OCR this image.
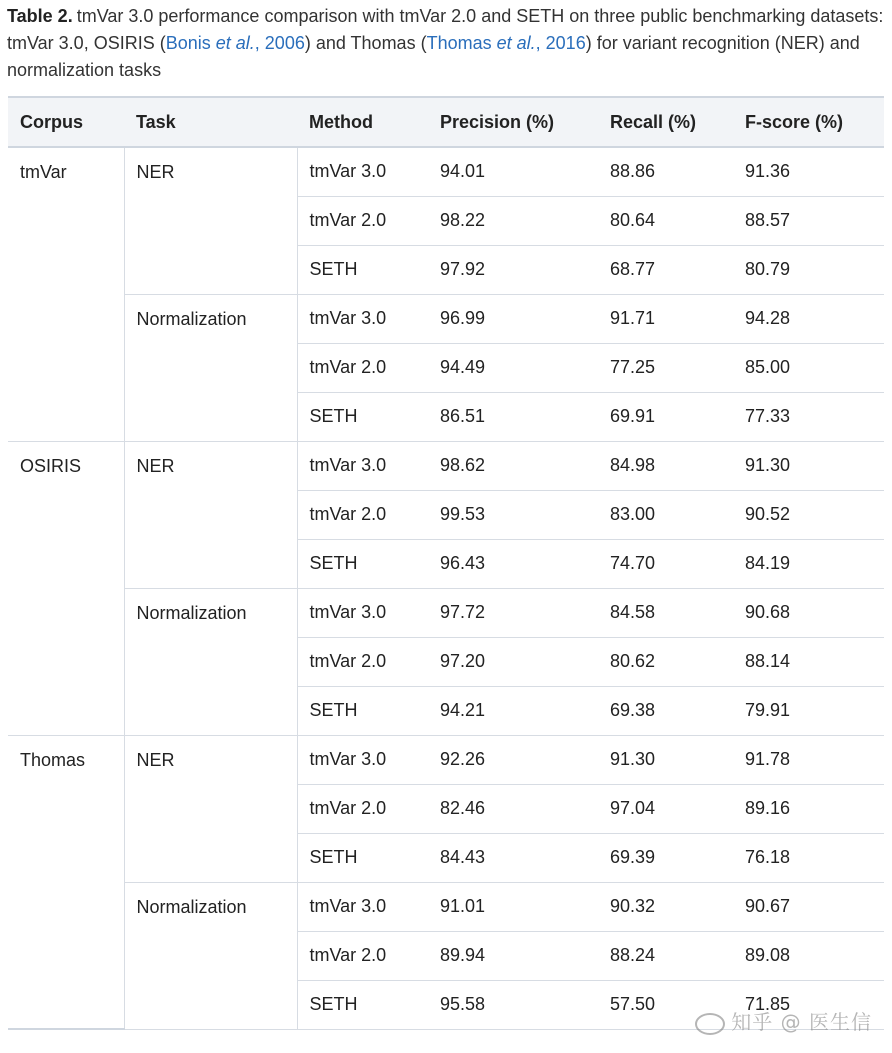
Table 2. tmVar 3.0 performance comparison with tmVar 2.0 and SETH on three public benchmarking datasets: tmVar 3.0, OSIRIS (Bonis et al., 2006) and Thomas (Thomas et al., 2016) for variant recognition (NER) and normalization tasks
Corpus	Task	Method	Precision (%)	Recall (%)	F-score (%)
tmVar	NER	tmVar 3.0	94.01	88.86	91.36
		tmVar 2.0	98.22	80.64	88.57
		SETH	97.92	68.77	80.79
	Normalization	tmVar 3.0	96.99	91.71	94.28
		tmVar 2.0	94.49	77.25	85.00
		SETH	86.51	69.91	77.33
OSIRIS	NER	tmVar 3.0	98.62	84.98	91.30
		tmVar 2.0	99.53	83.00	90.52
		SETH	96.43	74.70	84.19
	Normalization	tmVar 3.0	97.72	84.58	90.68
		tmVar 2.0	97.20	80.62	88.14
		SETH	94.21	69.38	79.91
Thomas	NER	tmVar 3.0	92.26	91.30	91.78
		tmVar 2.0	82.46	97.04	89.16
		SETH	84.43	69.39	76.18
	Normalization	tmVar 3.0	91.01	90.32	90.67
		tmVar 2.0	89.94	88.24	89.08
		SETH	95.58	57.50	71.85
知乎 @ 医生信
